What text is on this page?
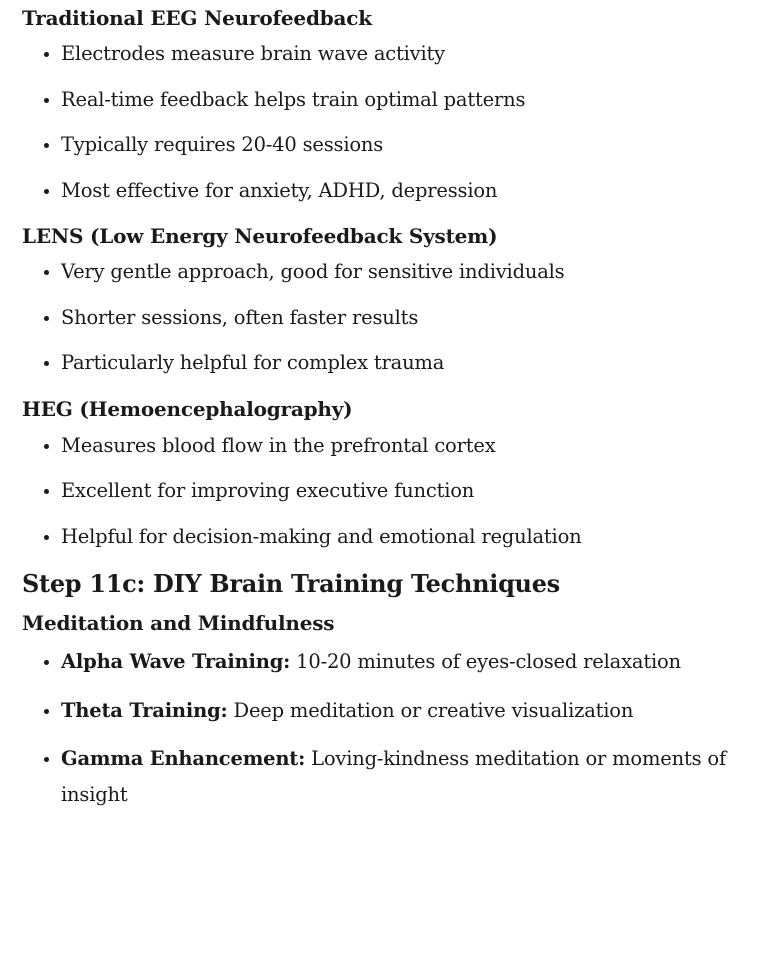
Traditional EEG Neurofeedback
Electrodes measure brain wave activity
Real-time feedback helps train optimal patterns
Typically requires 20-40 sessions
Most effective for anxiety, ADHD, depression
LENS (Low Energy Neurofeedback System)
Very gentle approach, good for sensitive individuals
Shorter sessions, often faster results
Particularly helpful for complex trauma
HEG (Hemoencephalography)
Measures blood flow in the prefrontal cortex
Excellent for improving executive function
Helpful for decision-making and emotional regulation
Step 11c: DIY Brain Training Techniques
Meditation and Mindfulness
Alpha Wave Training: 10-20 minutes of eyes-closed relaxation
Theta Training: Deep meditation or creative visualization
Gamma Enhancement: Loving-kindness meditation or moments of insight
